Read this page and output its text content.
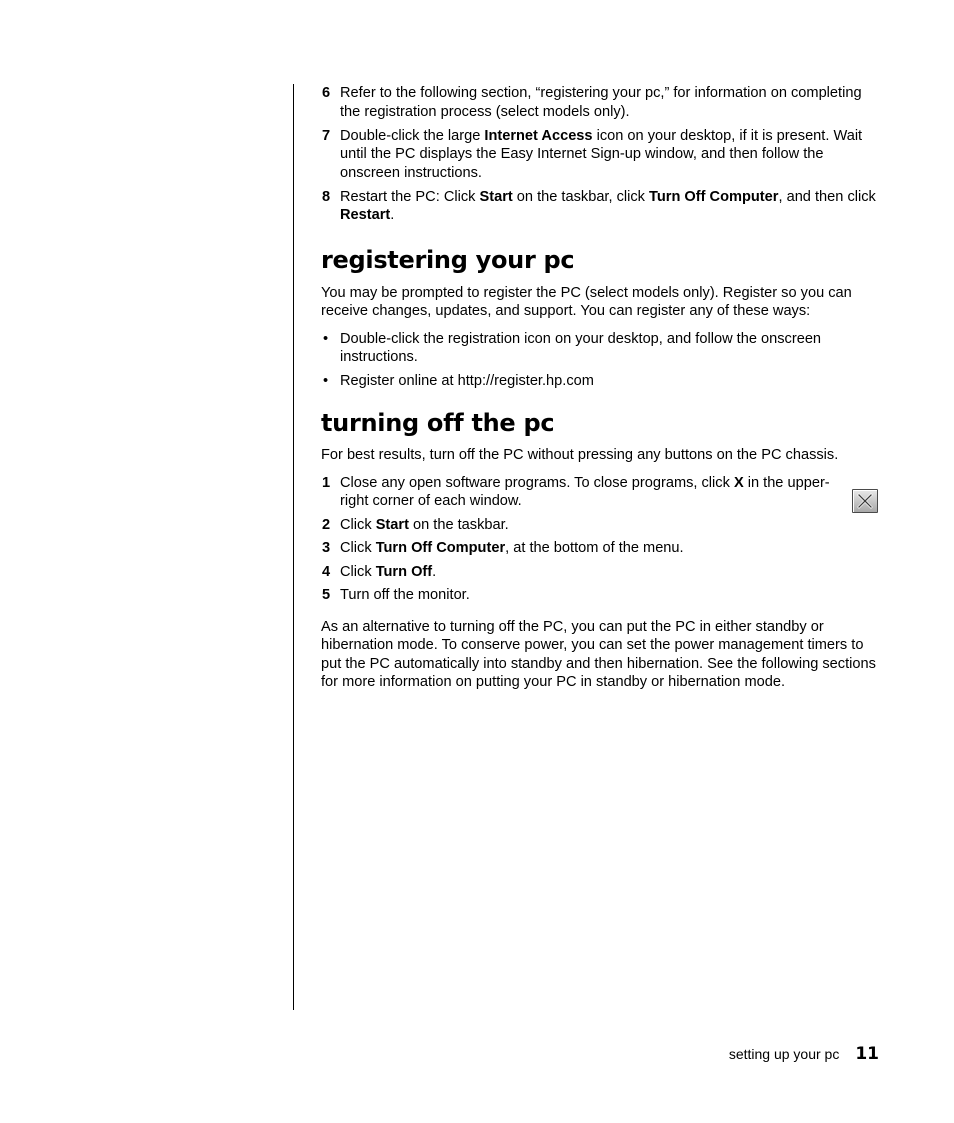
6 Refer to the following section, “registering your pc,” for information on completing the registration process (select models only).
7 Double-click the large Internet Access icon on your desktop, if it is present. Wait until the PC displays the Easy Internet Sign-up window, and then follow the onscreen instructions.
8 Restart the PC: Click Start on the taskbar, click Turn Off Computer, and then click Restart.
registering your pc

You may be prompted to register the PC (select models only). Register so you can receive changes, updates, and support. You can register any of these ways:

• Double-click the registration icon on your desktop, and follow the onscreen instructions.
• Register online at http://register.hp.com
turning off the pc

For best results, turn off the PC without pressing any buttons on the PC chassis.

1 Close any open software programs. To close programs, click X in the upper-right corner of each window.
2 Click Start on the taskbar.
3 Click Turn Off Computer, at the bottom of the menu.
4 Click Turn Off.
5 Turn off the monitor.

As an alternative to turning off the PC, you can put the PC in either standby or hibernation mode. To conserve power, you can set the power management timers to put the PC automatically into standby and then hibernation. See the following sections for more information on putting your PC in standby or hibernation mode.

setting up your pc 11
